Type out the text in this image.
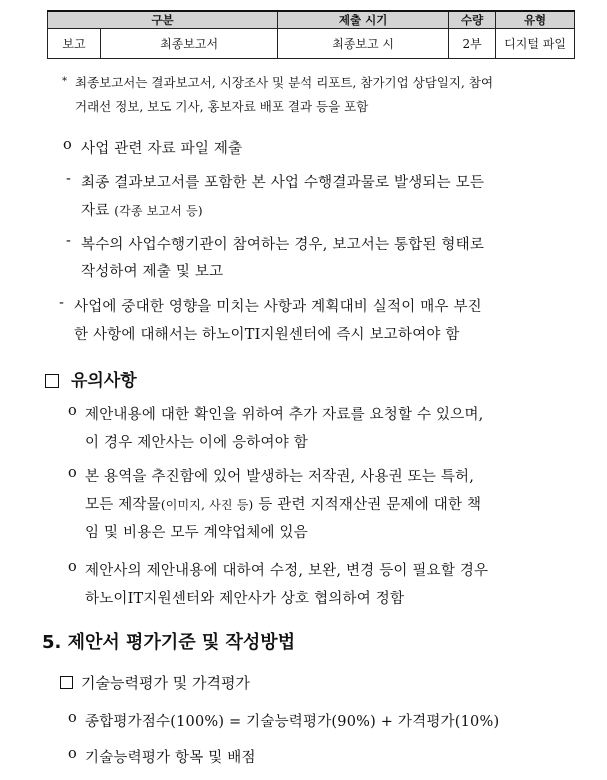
구분		제출 시기	수량	유형
보고	최종보고서	최종보고 시	2부	디지털 파일
* 최종보고서는 결과보고서, 시장조사 및 분석 리포트, 참가기업 상담일지, 참여
거래선 정보, 보도 기사, 홍보자료 배포 결과 등을 포함
o 사업 관련 자료 파일 제출
- 최종 결과보고서를 포함한 본 사업 수행결과물로 발생되는 모든
자료 (각종 보고서 등)
- 복수의 사업수행기관이 참여하는 경우, 보고서는 통합된 형태로
작성하여 제출 및 보고
- 사업에 중대한 영향을 미치는 사항과 계획대비 실적이 매우 부진
한 사항에 대해서는 하노이TI지원센터에 즉시 보고하여야 함
유의사항
o 제안내용에 대한 확인을 위하여 추가 자료를 요청할 수 있으며,
이 경우 제안사는 이에 응하여야 함
o 본 용역을 추진함에 있어 발생하는 저작권, 사용권 또는 특허,
모든 제작물(이미지, 사진 등) 등 관련 지적재산권 문제에 대한 책
임 및 비용은 모두 계약업체에 있음
o 제안사의 제안내용에 대하여 수정, 보완, 변경 등이 필요할 경우
하노이IT지원센터와 제안사가 상호 협의하여 정함
5. 제안서 평가기준 및 작성방법
기술능력평가 및 가격평가
o 종합평가점수(100%) = 기술능력평가(90%) + 가격평가(10%)
o 기술능력평가 항목 및 배점
